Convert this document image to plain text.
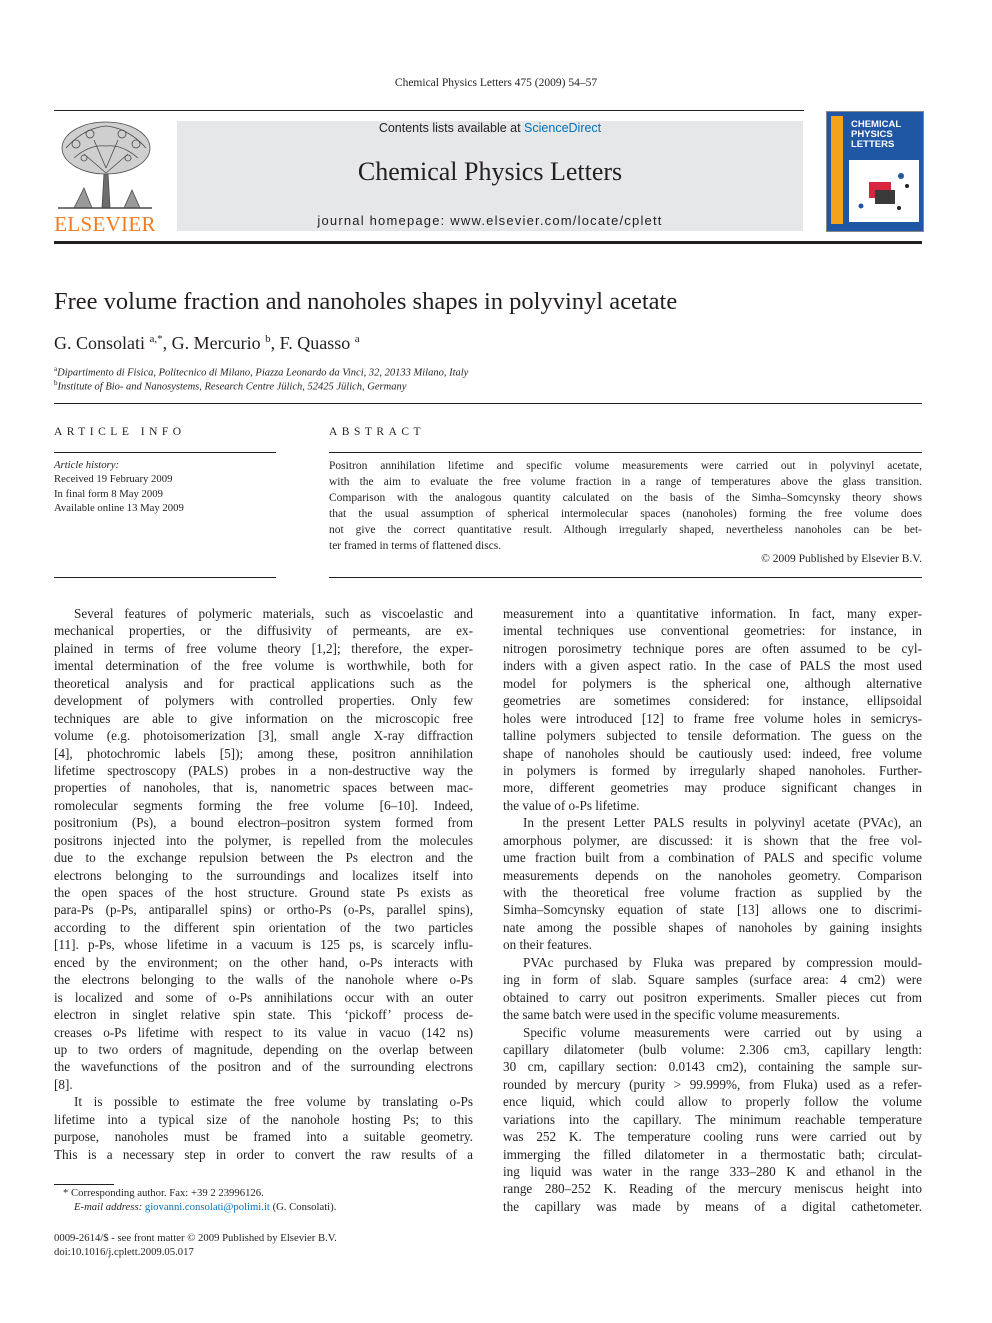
Chemical Physics Letters 475 (2009) 54–57
ELSEVIER
Contents lists available at ScienceDirect
Chemical Physics Letters
journal homepage: www.elsevier.com/locate/cplett
CHEMICAL
PHYSICS
LETTERS
Free volume fraction and nanoholes shapes in polyvinyl acetate
G. Consolati $^{a,*}$, G. Mercurio $^b$, F. Quasso $^a$
$^a$Dipartimento di Fisica, Politecnico di Milano, Piazza Leonardo da Vinci, 32, 20133 Milano, Italy
$^b$Institute of Bio- and Nanosystems, Research Centre Jülich, 52425 Jülich, Germany
ARTICLE INFO
Article history:
Received 19 February 2009
In final form 8 May 2009
Available online 13 May 2009
ABSTRACT
Positron annihilation lifetime and specific volume measurements were carried out in polyvinyl acetate,
with the aim to evaluate the free volume fraction in a range of temperatures above the glass transition.
Comparison with the analogous quantity calculated on the basis of the Simha–Somcynsky theory shows
that the usual assumption of spherical intermolecular spaces (nanoholes) forming the free volume does
not give the correct quantitative result. Although irregularly shaped, nevertheless nanoholes can be bet-
ter framed in terms of flattened discs.
© 2009 Published by Elsevier B.V.
Several features of polymeric materials, such as viscoelastic and
mechanical properties, or the diffusivity of permeants, are ex-
plained in terms of free volume theory [1,2]; therefore, the exper-
imental determination of the free volume is worthwhile, both for
theoretical analysis and for practical applications such as the
development of polymers with controlled properties. Only few
techniques are able to give information on the microscopic free
volume (e.g. photoisomerization [3], small angle X-ray diffraction
[4], photochromic labels [5]); among these, positron annihilation
lifetime spectroscopy (PALS) probes in a non-destructive way the
properties of nanoholes, that is, nanometric spaces between mac-
romolecular segments forming the free volume [6–10]. Indeed,
positronium (Ps), a bound electron–positron system formed from
positrons injected into the polymer, is repelled from the molecules
due to the exchange repulsion between the Ps electron and the
electrons belonging to the surroundings and localizes itself into
the open spaces of the host structure. Ground state Ps exists as
para-Ps (p-Ps, antiparallel spins) or ortho-Ps (o-Ps, parallel spins),
according to the different spin orientation of the two particles
[11]. p-Ps, whose lifetime in a vacuum is 125 ps, is scarcely influ-
enced by the environment; on the other hand, o-Ps interacts with
the electrons belonging to the walls of the nanohole where o-Ps
is localized and some of o-Ps annihilations occur with an outer
electron in singlet relative spin state. This ‘pickoff’ process de-
creases o-Ps lifetime with respect to its value in vacuo (142 ns)
up to two orders of magnitude, depending on the overlap between
the wavefunctions of the positron and of the surrounding electrons
[8].
It is possible to estimate the free volume by translating o-Ps
lifetime into a typical size of the nanohole hosting Ps; to this
purpose, nanoholes must be framed into a suitable geometry.
This is a necessary step in order to convert the raw results of a
measurement into a quantitative information. In fact, many exper-
imental techniques use conventional geometries: for instance, in
nitrogen porosimetry technique pores are often assumed to be cyl-
inders with a given aspect ratio. In the case of PALS the most used
model for polymers is the spherical one, although alternative
geometries are sometimes considered: for instance, ellipsoidal
holes were introduced [12] to frame free volume holes in semicrys-
talline polymers subjected to tensile deformation. The guess on the
shape of nanoholes should be cautiously used: indeed, free volume
in polymers is formed by irregularly shaped nanoholes. Further-
more, different geometries may produce significant changes in
the value of o-Ps lifetime.
In the present Letter PALS results in polyvinyl acetate (PVAc), an
amorphous polymer, are discussed: it is shown that the free vol-
ume fraction built from a combination of PALS and specific volume
measurements depends on the nanoholes geometry. Comparison
with the theoretical free volume fraction as supplied by the
Simha–Somcynsky equation of state [13] allows one to discrimi-
nate among the possible shapes of nanoholes by gaining insights
on their features.
PVAc purchased by Fluka was prepared by compression mould-
ing in form of slab. Square samples (surface area: 4 cm2) were
obtained to carry out positron experiments. Smaller pieces cut from
the same batch were used in the specific volume measurements.
Specific volume measurements were carried out by using a
capillary dilatometer (bulb volume: 2.306 cm3, capillary length:
30 cm, capillary section: 0.0143 cm2), containing the sample sur-
rounded by mercury (purity > 99.999%, from Fluka) used as a refer-
ence liquid, which could allow to properly follow the volume
variations into the capillary. The minimum reachable temperature
was 252 K. The temperature cooling runs were carried out by
immerging the filled dilatometer in a thermostatic bath; circulat-
ing liquid was water in the range 333–280 K and ethanol in the
range 280–252 K. Reading of the mercury meniscus height into
the capillary was made by means of a digital cathetometer.
* Corresponding author. Fax: +39 2 23996126.
E-mail address: giovanni.consolati@polimi.it (G. Consolati).
0009-2614/$ - see front matter © 2009 Published by Elsevier B.V.
doi:10.1016/j.cplett.2009.05.017
